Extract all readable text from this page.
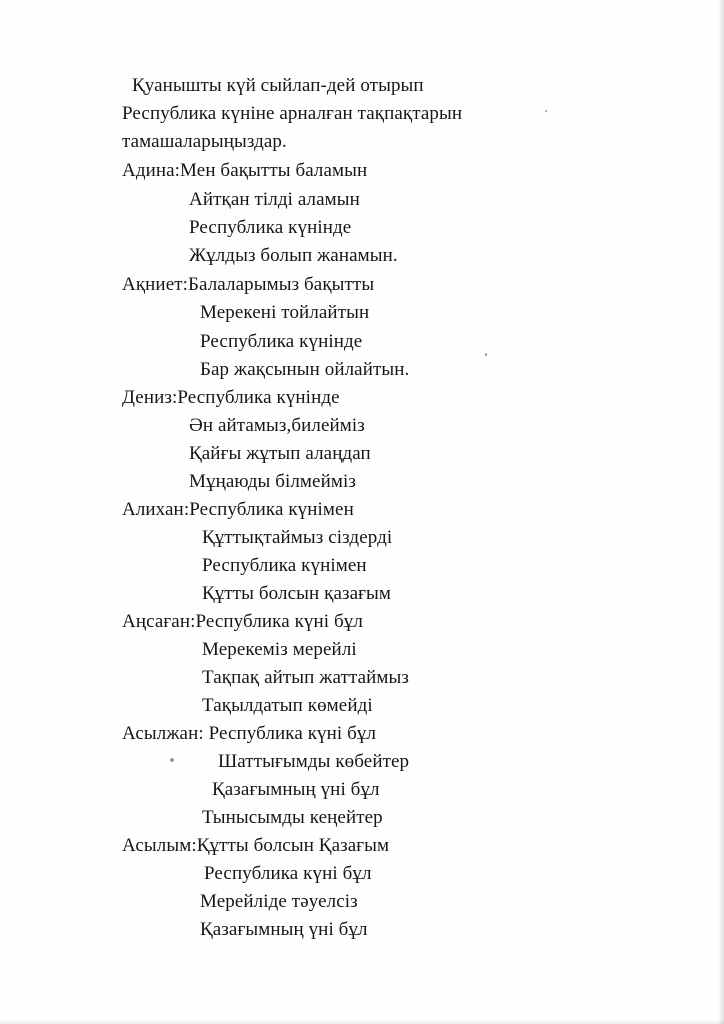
Қуанышты күй сыйлап-дей отырып
Республика күніне арналған тақпақтарын
тамашаларыңыздар.
Адина:Мен бақытты баламын
Айтқан тілді аламын
Республика күнінде
Жұлдыз болып жанамын.
Ақниет:Балаларымыз бақытты
Мерекені тойлайтын
Республика күнінде
Бар жақсынын ойлайтын.
Дениз:Республика күнінде
Ән айтамыз,билейміз
Қайғы жұтып алаңдап
Мұңаюды білмейміз
Алихан:Республика күнімен
Құттықтаймыз сіздерді
Республика күнімен
Құтты болсын қазағым
Аңсаған:Республика күні бұл
Мерекеміз мерейлі
Тақпақ айтып жаттаймыз
Тақылдатып көмейді
Асылжан: Республика күні бұл
Шаттығымды көбейтер
Қазағымның үні бұл
Тынысымды кеңейтер
Асылым:Құтты болсын Қазағым
Республика күні бұл
Мерейліде тәуелсіз
Қазағымның үні бұл
